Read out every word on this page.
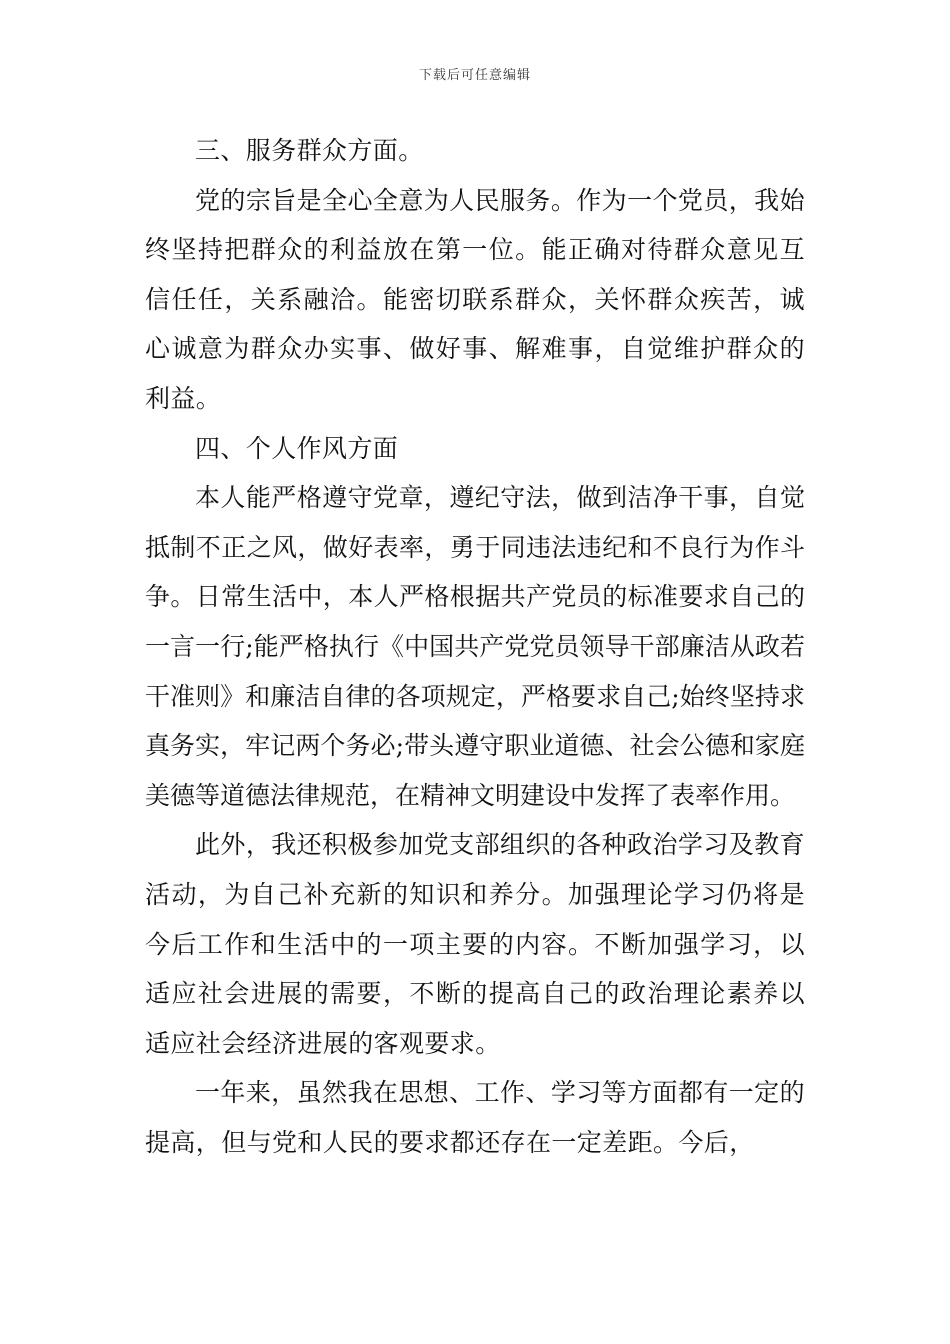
下载后可任意编辑

三、服务群众方面。

党的宗旨是全心全意为人民服务。作为一个党员，我始终坚持把群众的利益放在第一位。能正确对待群众意见互信任任，关系融洽。能密切联系群众，关怀群众疾苦，诚心诚意为群众办实事、做好事、解难事，自觉维护群众的利益。

四、个人作风方面

本人能严格遵守党章，遵纪守法，做到洁净干事，自觉抵制不正之风，做好表率，勇于同违法违纪和不良行为作斗争。日常生活中，本人严格根据共产党员的标准要求自己的一言一行;能严格执行《中国共产党党员领导干部廉洁从政若干准则》和廉洁自律的各项规定，严格要求自己;始终坚持求真务实，牢记两个务必;带头遵守职业道德、社会公德和家庭美德等道德法律规范，在精神文明建设中发挥了表率作用。

此外，我还积极参加党支部组织的各种政治学习及教育活动，为自己补充新的知识和养分。加强理论学习仍将是今后工作和生活中的一项主要的内容。不断加强学习，以适应社会进展的需要，不断的提高自己的政治理论素养以适应社会经济进展的客观要求。

一年来，虽然我在思想、工作、学习等方面都有一定的提高，但与党和人民的要求都还存在一定差距。今后，
